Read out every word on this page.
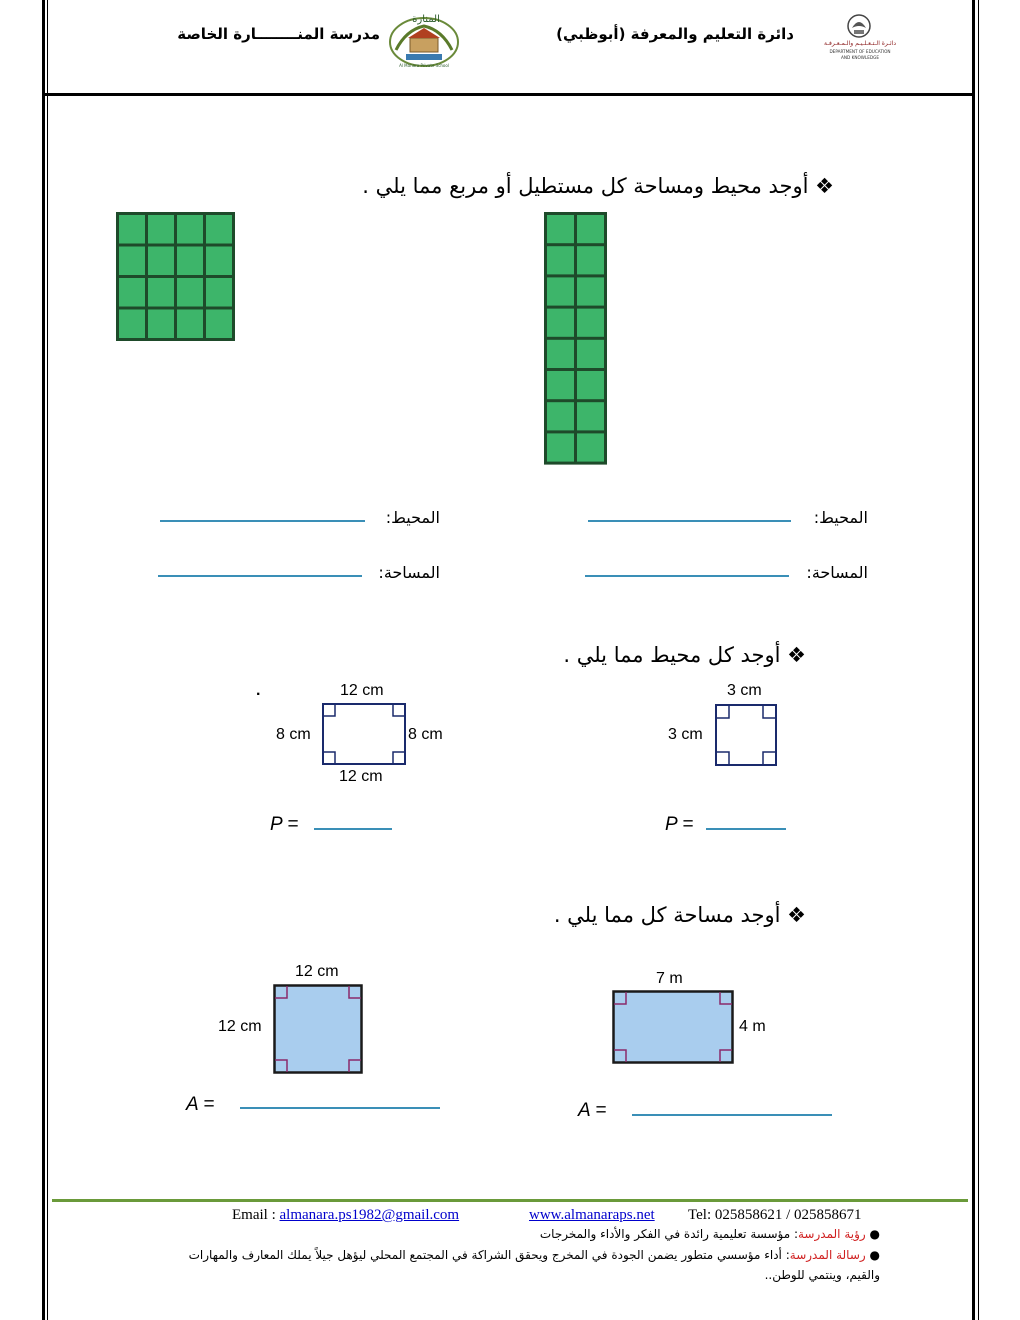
مدرسة المنــــــــارة الخاصة
المنارة
Al Manara Private School
دائرة التعليم والمعرفة (أبوظبي)
دائـرة الـتـعـلـيـم والـمـعـرفـة
DEPARTMENT OF EDUCATION
AND KNOWLEDGE
❖ أوجد محيط ومساحة كل مستطيل أو مربع مما يلي .
المحيط:	المحيط:
المساحة:	المساحة:
❖ أوجد كل محيط مما يلي .
12 cm
.
8 cm	8 cm
12 cm
3 cm
3 cm
P =	P =
❖ أوجد مساحة كل مما يلي .
12 cm
12 cm
7 m
4 m
A =	A =
Email : almanara.ps1982@gmail.com	www.almanaraps.net Tel: 025858621 / 025858671
● رؤية المدرسة: مؤسسة تعليمية رائدة في الفكر والأداء والمخرجات
● رسالة المدرسة: أداء مؤسسي متطور يضمن الجودة في المخرج ويحقق الشراكة في المجتمع المحلي ليؤهل جيلاً يملك المعارف والمهارات
والقيم، وينتمي للوطن..
